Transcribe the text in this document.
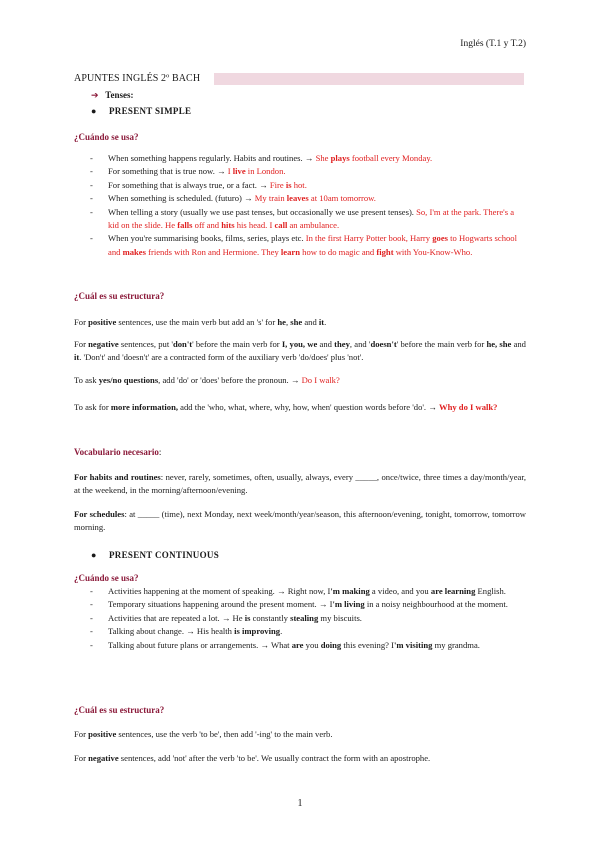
Inglés (T.1 y T.2)
APUNTES INGLÉS 2º BACH
➔ Tenses:
● PRESENT SIMPLE
¿Cuándo se usa?
- When something happens regularly. Habits and routines. → She plays football every Monday.
- For something that is true now. → I live in London.
- For something that is always true, or a fact. → Fire is hot.
- When something is scheduled. (futuro) → My train leaves at 10am tomorrow.
- When telling a story (usually we use past tenses, but occasionally we use present tenses). So, I'm at the park. There's a kid on the slide. He falls off and hits his head. I call an ambulance.
- When you're summarising books, films, series, plays etc. In the first Harry Potter book, Harry goes to Hogwarts school and makes friends with Ron and Hermione. They learn how to do magic and fight with You-Know-Who.
¿Cuál es su estructura?
For positive sentences, use the main verb but add an 's' for he, she and it.
For negative sentences, put 'don't' before the main verb for I, you, we and they, and 'doesn't' before the main verb for he, she and it. 'Don't' and 'doesn't' are a contracted form of the auxiliary verb 'do/does' plus 'not'.
To ask yes/no questions, add 'do' or 'does' before the pronoun. → Do I walk?
To ask for more information, add the 'who, what, where, why, how, when' question words before 'do'. → Why do I walk?
Vocabulario necesario:
For habits and routines: never, rarely, sometimes, often, usually, always, every _____, once/twice, three times a day/month/year, at the weekend, in the morning/afternoon/evening.
For schedules: at _____ (time), next Monday, next week/month/year/season, this afternoon/evening, tonight, tomorrow, tomorrow morning.
● PRESENT CONTINUOUS
¿Cuándo se usa?
- Activities happening at the moment of speaking. → Right now, I'm making a video, and you are learning English.
- Temporary situations happening around the present moment. → I'm living in a noisy neighbourhood at the moment.
- Activities that are repeated a lot. → He is constantly stealing my biscuits.
- Talking about change. → His health is improving.
- Talking about future plans or arrangements. → What are you doing this evening? I'm visiting my grandma.
¿Cuál es su estructura?
For positive sentences, use the verb 'to be', then add '-ing' to the main verb.
For negative sentences, add 'not' after the verb 'to be'. We usually contract the form with an apostrophe.
1
